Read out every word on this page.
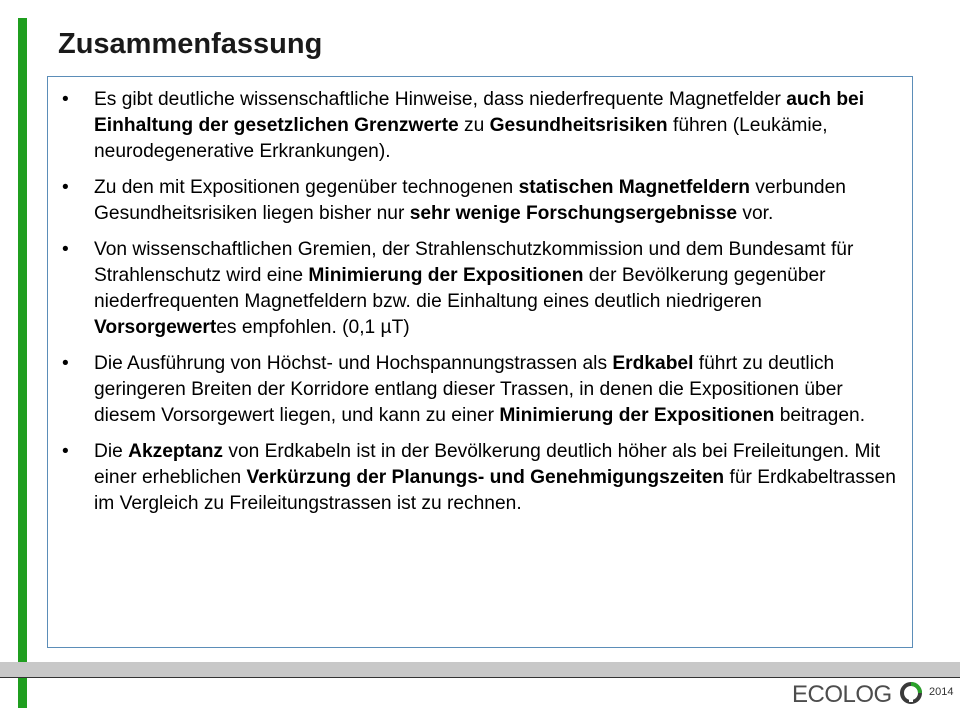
Zusammenfassung
• Es gibt deutliche wissenschaftliche Hinweise, dass niederfrequente Magnetfelder auch bei Einhaltung der gesetzlichen Grenzwerte zu Gesundheitsrisiken führen (Leukämie, neurodegenerative Erkrankungen).
• Zu den mit Expositionen gegenüber technogenen statischen Magnetfeldern verbunden Gesundheitsrisiken liegen bisher nur sehr wenige Forschungsergebnisse vor.
• Von wissenschaftlichen Gremien, der Strahlenschutzkommission und dem Bundesamt für Strahlenschutz wird eine Minimierung der Expositionen der Bevölkerung gegenüber niederfrequenten Magnetfeldern bzw. die Einhaltung eines deutlich niedrigeren Vorsorgewertes empfohlen. (0,1 µT)
• Die Ausführung von Höchst- und Hochspannungstrassen als Erdkabel führt zu deutlich geringeren Breiten der Korridore entlang dieser Trassen, in denen die Expositionen über diesem Vorsorgewert liegen, und kann zu einer Minimierung der Expositionen beitragen.
• Die Akzeptanz von Erdkabeln ist in der Bevölkerung deutlich höher als bei Freileitungen. Mit einer erheblichen Verkürzung der Planungs- und Genehmigungszeiten für Erdkabeltrassen im Vergleich zu Freileitungstrassen ist zu rechnen.
ECOLOG	2014
